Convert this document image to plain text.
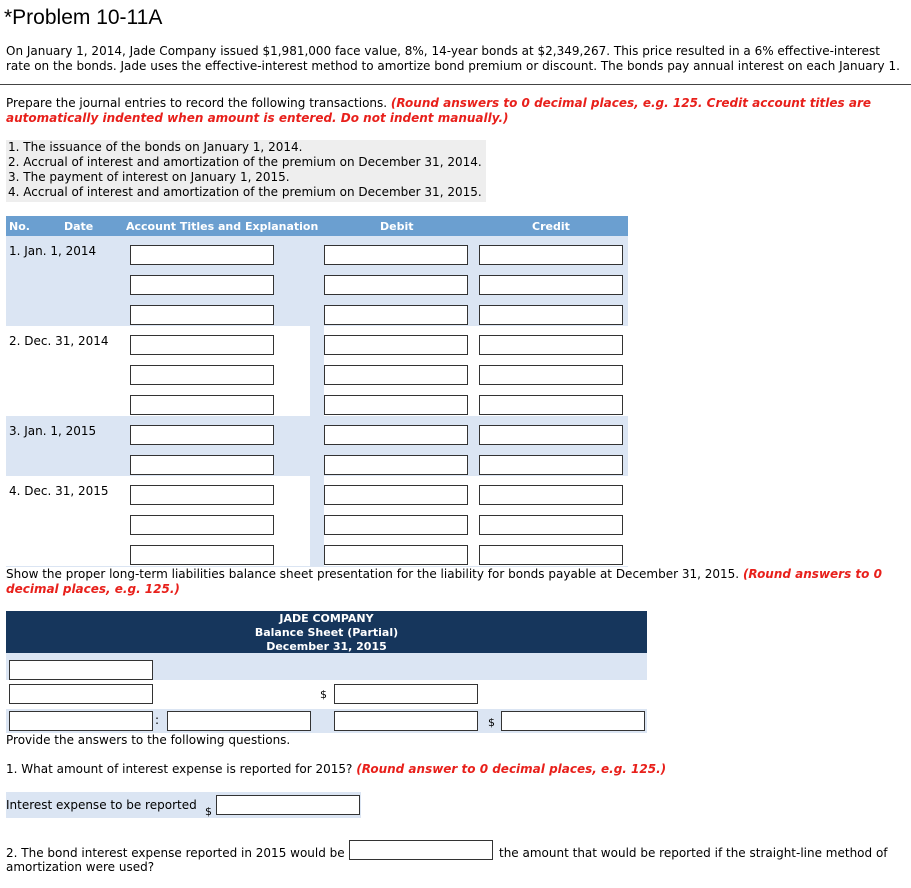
*Problem 10-11A
On January 1, 2014, Jade Company issued $1,981,000 face value, 8%, 14-year bonds at $2,349,267. This price resulted in a 6% effective-interest rate on the bonds. Jade uses the effective-interest method to amortize bond premium or discount. The bonds pay annual interest on each January 1.
Prepare the journal entries to record the following transactions. (Round answers to 0 decimal places, e.g. 125. Credit account titles are automatically indented when amount is entered. Do not indent manually.)
1. The issuance of the bonds on January 1, 2014.
2. Accrual of interest and amortization of the premium on December 31, 2014.
3. The payment of interest on January 1, 2015.
4. Accrual of interest and amortization of the premium on December 31, 2015.
No.	Date	Account Titles and Explanation	Debit	Credit
1. Jan. 1, 2014
2. Dec. 31, 2014
3. Jan. 1, 2015
4. Dec. 31, 2015
Show the proper long-term liabilities balance sheet presentation for the liability for bonds payable at December 31, 2015. (Round answers to 0 decimal places, e.g. 125.)
JADE COMPANY
Balance Sheet (Partial)
December 31, 2015
$
:	$
Provide the answers to the following questions.
1. What amount of interest expense is reported for 2015? (Round answer to 0 decimal places, e.g. 125.)
Interest expense to be reported $
2. The bond interest expense reported in 2015 would be	the amount that would be reported if the straight-line method of
amortization were used?
